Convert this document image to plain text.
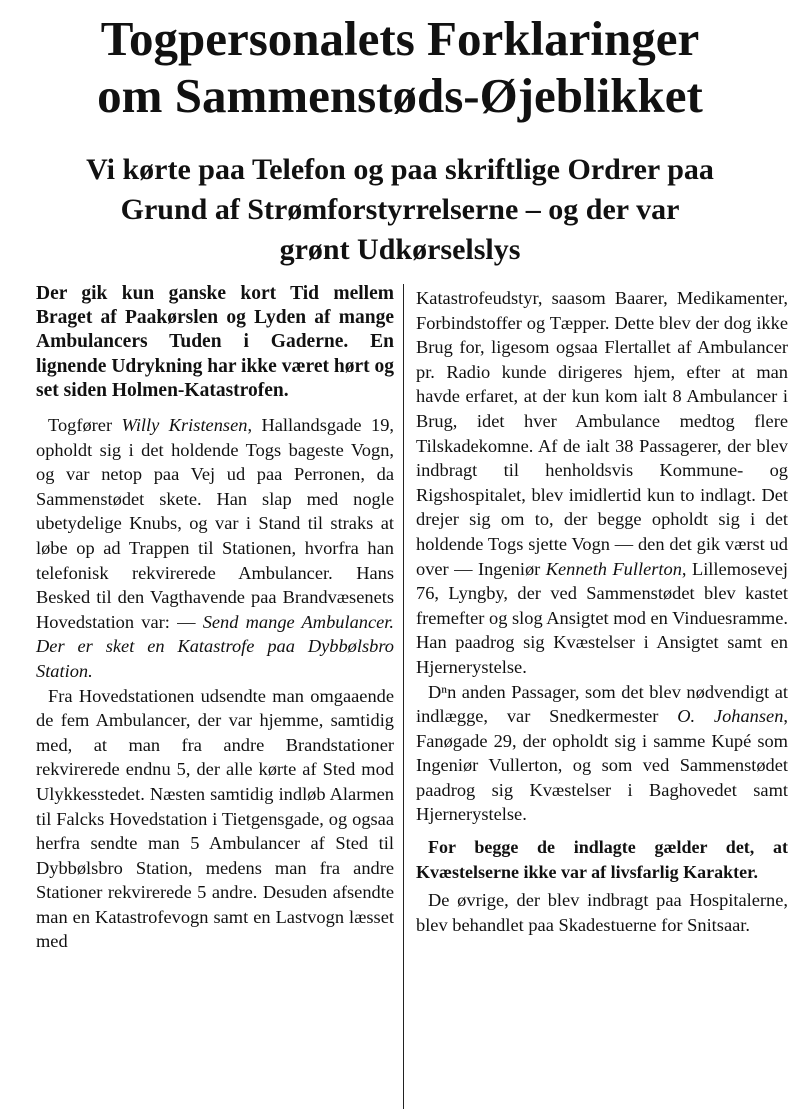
Togpersonalets Forklaringer
om Sammenstøds-Øjeblikket
Vi kørte paa Telefon og paa skriftlige Ordrer paa
Grund af Strømforstyrrelserne – og der var
grønt Udkørselslys

Der gik kun ganske kort Tid mellem Braget af Paakørslen og Lyden af mange Ambulancers Tuden i Gaderne. En lignende Udrykning har ikke været hørt og set siden Holmen-Katastrofen.

Togfører Willy Kristensen, Hallandsgade 19, opholdt sig i det holdende Togs bageste Vogn, og var netop paa Vej ud paa Perronen, da Sammenstødet skete. Han slap med nogle ubetydelige Knubs, og var i Stand til straks at løbe op ad Trappen til Stationen, hvorfra han telefonisk rekvirerede Ambulancer. Hans Besked til den Vagthavende paa Brandvæsenets Hovedstation var: — Send mange Ambulancer. Der er sket en Katastrofe paa Dybbølsbro Station.

Fra Hovedstationen udsendte man omgaaende de fem Ambulancer, der var hjemme, samtidig med, at man fra andre Brandstationer rekvirerede endnu 5, der alle kørte af Sted mod Ulykkesstedet. Næsten samtidig indløb Alarmen til Falcks Hovedstation i Tietgensgade, og ogsaa herfra sendte man 5 Ambulancer af Sted til Dybbølsbro Station, medens man fra andre Stationer rekvirerede 5 andre. Desuden afsendte man en Katastrofevogn samt en Lastvogn læsset med

Katastrofeudstyr, saasom Baarer, Medikamenter, Forbindstoffer og Tæpper. Dette blev der dog ikke Brug for, ligesom ogsaa Flertallet af Ambulancer pr. Radio kunde dirigeres hjem, efter at man havde erfaret, at der kun kom ialt 8 Ambulancer i Brug, idet hver Ambulance medtog flere Tilskadekomne. Af de ialt 38 Passagerer, der blev indbragt til henholdsvis Kommune- og Rigshospitalet, blev imidlertid kun to indlagt. Det drejer sig om to, der begge opholdt sig i det holdende Togs sjette Vogn — den det gik værst ud over — Ingeniør Kenneth Fullerton, Lillemosevej 76, Lyngby, der ved Sammenstødet blev kastet fremefter og slog Ansigtet mod en Vinduesramme. Han paadrog sig Kvæstelser i Ansigtet samt en Hjernerystelse.

Dⁿn anden Passager, som det blev nødvendigt at indlægge, var Snedkermester O. Johansen, Fanøgade 29, der opholdt sig i samme Kupé som Ingeniør Vullerton, og som ved Sammenstødet paadrog sig Kvæstelser i Baghovedet samt Hjernerystelse.

For begge de indlagte gælder det, at Kvæstelserne ikke var af livsfarlig Karakter.

De øvrige, der blev indbragt paa Hospitalerne, blev behandlet paa Skadestuerne for Snitsaar.
